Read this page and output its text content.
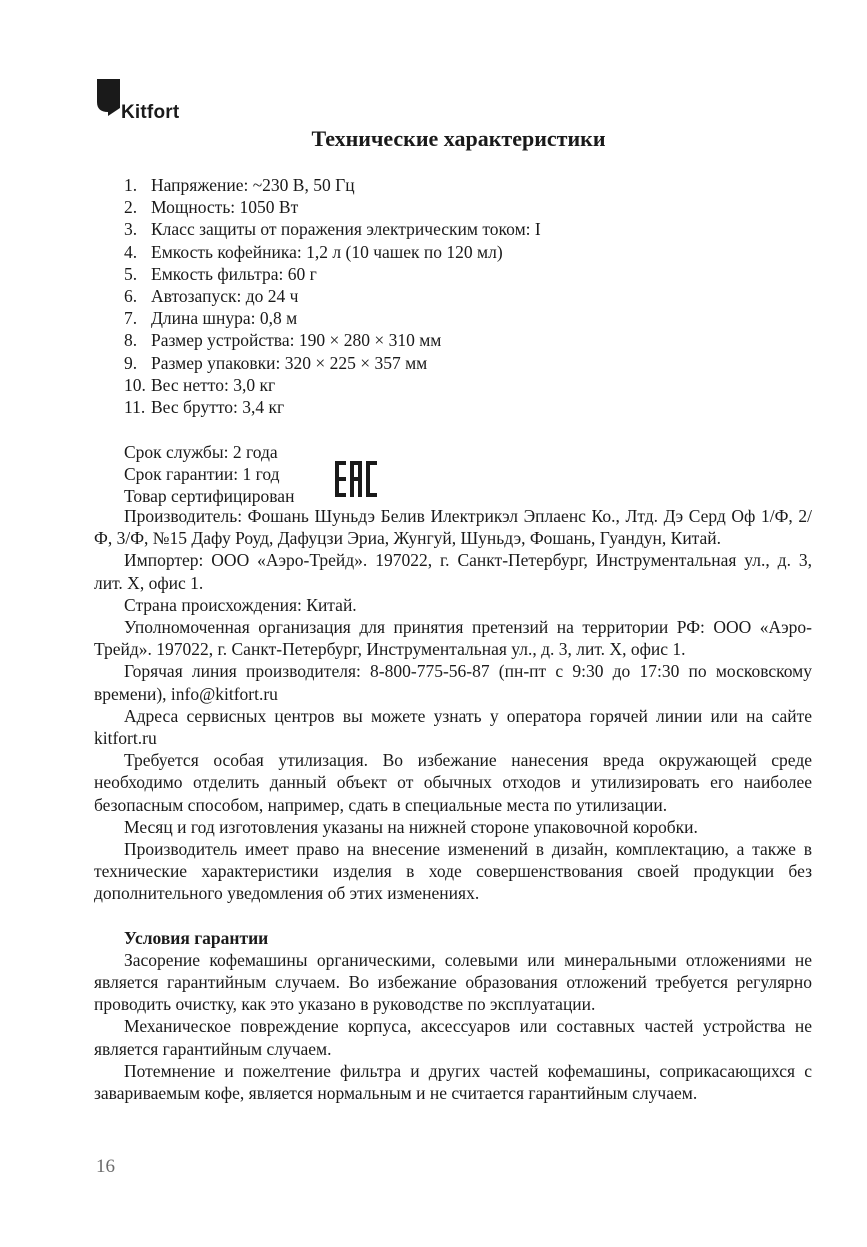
Kitfort
Технические характеристики
1. Напряжение: ~230 В, 50 Гц
2. Мощность: 1050 Вт
3. Класс защиты от поражения электрическим током: I
4. Емкость кофейника: 1,2 л (10 чашек по 120 мл)
5. Емкость фильтра: 60 г
6. Автозапуск: до 24 ч
7. Длина шнура: 0,8 м
8. Размер устройства: 190 × 280 × 310 мм
9. Размер упаковки: 320 × 225 × 357 мм
10. Вес нетто: 3,0 кг
11. Вес брутто: 3,4 кг
Срок службы: 2 года
Срок гарантии: 1 год
Товар сертифицирован

Производитель: Фошань Шуньдэ Белив Илектрикэл Эплаенс Ко., Лтд. Дэ Серд Оф 1/Ф, 2/Ф, 3/Ф, №15 Дафу Роуд, Дафуцзи Эриа, Жунгуй, Шуньдэ, Фошань, Гуандун, Китай.

Импортер: ООО «Аэро-Трейд». 197022, г. Санкт-Петербург, Инструментальная ул., д. 3, лит. Х, офис 1.

Страна происхождения: Китай.

Уполномоченная организация для принятия претензий на территории РФ: ООО «Аэро-Трейд». 197022, г. Санкт-Петербург, Инструментальная ул., д. 3, лит. Х, офис 1.

Горячая линия производителя: 8-800-775-56-87 (пн-пт с 9:30 до 17:30 по московскому времени), info@kitfort.ru

Адреса сервисных центров вы можете узнать у оператора горячей линии или на сайте kitfort.ru

Требуется особая утилизация. Во избежание нанесения вреда окружающей среде необходимо отделить данный объект от обычных отходов и утилизировать его наиболее безопасным способом, например, сдать в специальные места по утилизации.

Месяц и год изготовления указаны на нижней стороне упаковочной коробки.

Производитель имеет право на внесение изменений в дизайн, комплектацию, а также в технические характеристики изделия в ходе совершенствования своей продукции без дополнительного уведомления об этих изменениях.

Условия гарантии

Засорение кофемашины органическими, солевыми или минеральными отложениями не является гарантийным случаем. Во избежание образования отложений требуется регулярно проводить очистку, как это указано в руководстве по эксплуатации.

Механическое повреждение корпуса, аксессуаров или составных частей устройства не является гарантийным случаем.

Потемнение и пожелтение фильтра и других частей кофемашины, соприкасающихся с завариваемым кофе, является нормальным и не считается гарантийным случаем.

16
